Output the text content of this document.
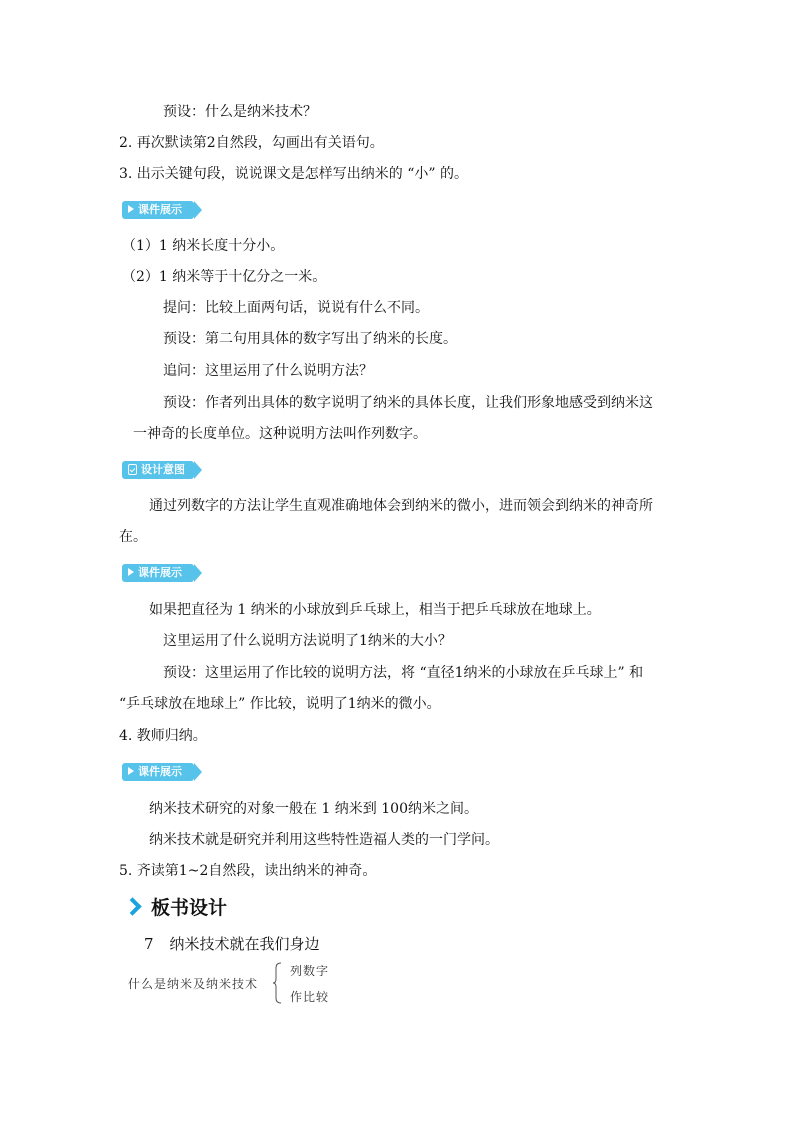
预设：什么是纳米技术？
2. 再次默读第2自然段，勾画出有关语句。
3. 出示关键句段，说说课文是怎样写出纳米的 “小” 的。
课件展示
（1）1 纳米长度十分小。
（2）1 纳米等于十亿分之一米。
提问：比较上面两句话，说说有什么不同。
预设：第二句用具体的数字写出了纳米的长度。
追问：这里运用了什么说明方法？
预设：作者列出具体的数字说明了纳米的具体长度，让我们形象地感受到纳米这
一神奇的长度单位。这种说明方法叫作列数字。
设计意图
通过列数字的方法让学生直观准确地体会到纳米的微小，进而领会到纳米的神奇所
在。
课件展示
如果把直径为 1 纳米的小球放到乒乓球上，相当于把乒乓球放在地球上。
这里运用了什么说明方法说明了1纳米的大小？
预设：这里运用了作比较的说明方法，将 “直径1纳米的小球放在乒乓球上” 和
“乒乓球放在地球上” 作比较，说明了1纳米的微小。
4. 教师归纳。
课件展示
纳米技术研究的对象一般在 1 纳米到 100纳米之间。
纳米技术就是研究并利用这些特性造福人类的一门学问。
5. 齐读第1~2自然段，读出纳米的神奇。
板书设计
7 纳米技术就在我们身边
什么是纳米及纳米技术
列数字
作比较
